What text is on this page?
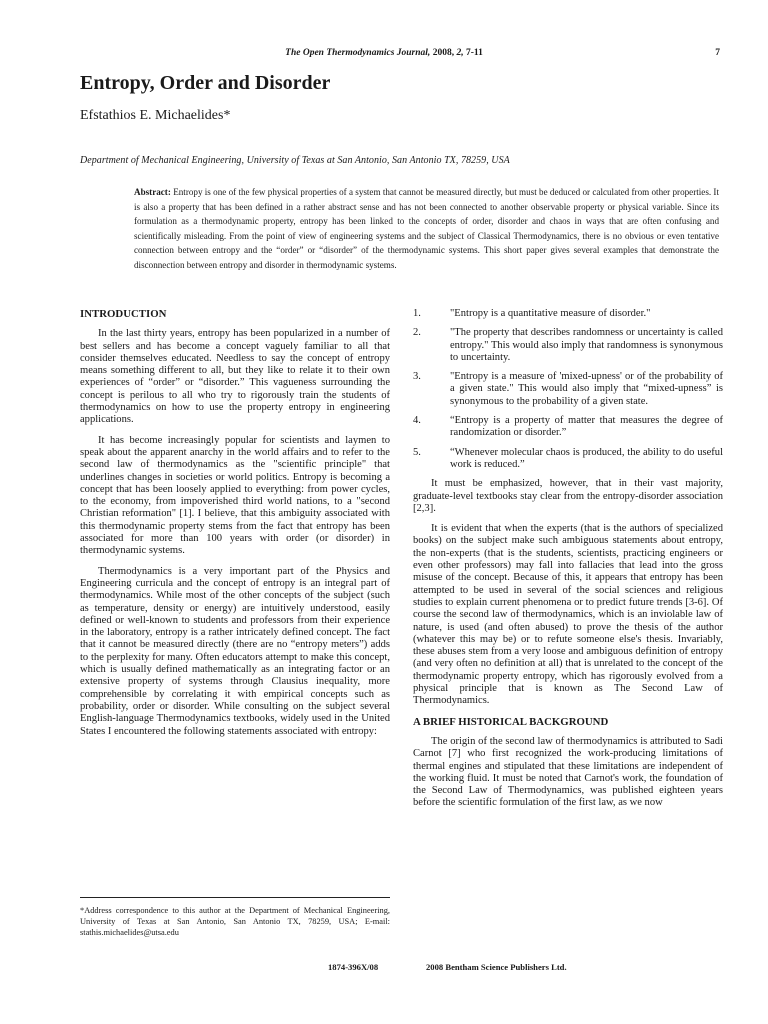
The Open Thermodynamics Journal, 2008, 2, 7-11	7
Entropy, Order and Disorder
Efstathios E. Michaelides*
Department of Mechanical Engineering, University of Texas at San Antonio, San Antonio TX, 78259, USA
Abstract: Entropy is one of the few physical properties of a system that cannot be measured directly, but must be deduced or calculated from other properties. It is also a property that has been defined in a rather abstract sense and has not been connected to another observable property or physical variable. Since its formulation as a thermodynamic property, entropy has been linked to the concepts of order, disorder and chaos in ways that are often confusing and scientifically misleading. From the point of view of engineering systems and the subject of Classical Thermodynamics, there is no obvious or even tentative connection between entropy and the “order” or “disorder” of the thermodynamic systems. This short paper gives several examples that demonstrate the disconnection between entropy and disorder in thermodynamic systems.
INTRODUCTION

In the last thirty years, entropy has been popularized in a number of best sellers and has become a concept vaguely familiar to all that consider themselves educated. Needless to say the concept of entropy means something different to all, but they like to relate it to their own experiences of “order” or “disorder.” This vagueness surrounding the concept is perilous to all who try to rigorously train the students of thermodynamics on how to use the property entropy in engineering applications.

It has become increasingly popular for scientists and laymen to speak about the apparent anarchy in the world affairs and to refer to the second law of thermodynamics as the "scientific principle" that underlines changes in societies or world politics. Entropy is becoming a concept that has been loosely applied to everything: from power cycles, to the economy, from impoverished third world nations, to a "second Christian reformation" [1]. I believe, that this ambiguity associated with this thermodynamic property stems from the fact that entropy has been associated for more than 100 years with order (or disorder) in thermodynamic systems.

Thermodynamics is a very important part of the Physics and Engineering curricula and the concept of entropy is an integral part of thermodynamics. While most of the other concepts of the subject (such as temperature, density or energy) are intuitively understood, easily defined or well-known to students and professors from their experience in the laboratory, entropy is a rather intricately defined concept. The fact that it cannot be measured directly (there are no “entropy meters”) adds to the perplexity for many. Often educators attempt to make this concept, which is usually defined mathematically as an integrating factor or an extensive property of systems through Clausius inequality, more comprehensible by correlating it with empirical concepts such as probability, order or disorder. While consulting on the subject several English-language Thermodynamics textbooks, widely used in the United States I encountered the following statements associated with entropy:

1.	"Entropy is a quantitative measure of disorder."
2.	"The property that describes randomness or uncertainty is called entropy." This would also imply that randomness is synonymous to uncertainty.
3.	"Entropy is a measure of 'mixed-upness' or of the probability of a given state." This would also imply that “mixed-upness” is synonymous to the probability of a given state.
4.	“Entropy is a property of matter that measures the degree of randomization or disorder.”
5.	“Whenever molecular chaos is produced, the ability to do useful work is reduced.”

It must be emphasized, however, that in their vast majority, graduate-level textbooks stay clear from the entropy-disorder association [2,3].

It is evident that when the experts (that is the authors of specialized books) on the subject make such ambiguous statements about entropy, the non-experts (that is the students, scientists, practicing engineers or even other professors) may fall into fallacies that lead into the gross misuse of the concept. Because of this, it appears that entropy has been attempted to be used in several of the social sciences and religious studies to explain current phenomena or to predict future trends [3-6]. Of course the second law of thermodynamics, which is an inviolable law of nature, is used (and often abused) to prove the thesis of the author (whatever this may be) or to refute someone else's thesis. Invariably, these abuses stem from a very loose and ambiguous definition of entropy (and very often no definition at all) that is unrelated to the concept of the thermodynamic property entropy, which has rigorously evolved from a physical principle that is known as The Second Law of Thermodynamics.

A BRIEF HISTORICAL BACKGROUND

The origin of the second law of thermodynamics is attributed to Sadi Carnot [7] who first recognized the work-producing limitations of thermal engines and stipulated that these limitations are independent of the working fluid. It must be noted that Carnot's work, the foundation of the Second Law of Thermodynamics, was published eighteen years before the scientific formulation of the first law, as we now

*Address correspondence to this author at the Department of Mechanical Engineering, University of Texas at San Antonio, San Antonio TX, 78259, USA; E-mail: stathis.michaelides@utsa.edu
1874-396X/08	2008 Bentham Science Publishers Ltd.
